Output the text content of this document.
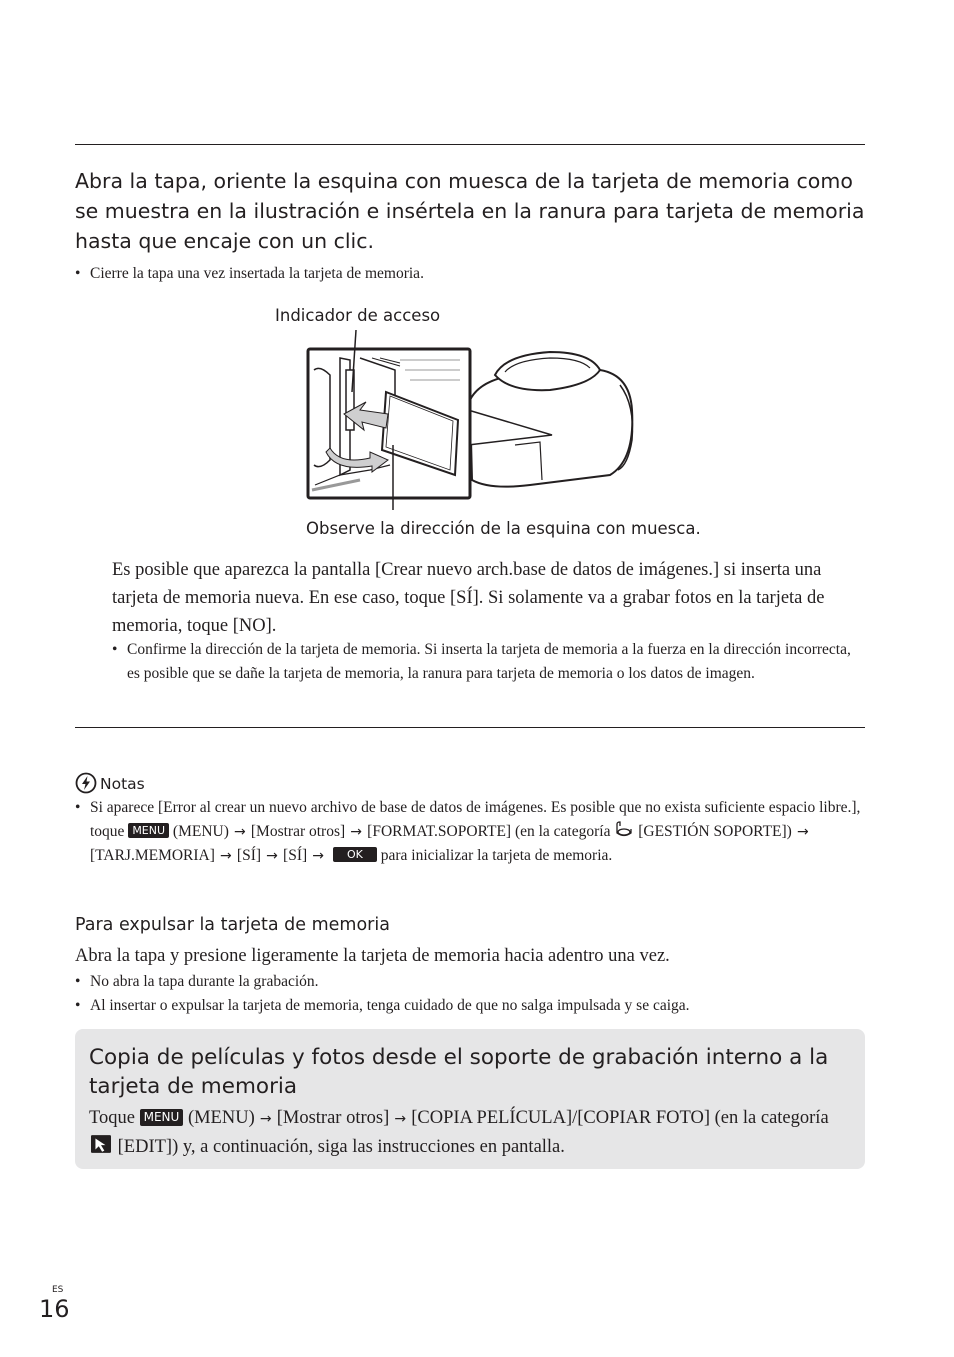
Abra la tapa, oriente la esquina con muesca de la tarjeta de memoria como se muestra en la ilustración e insértela en la ranura para tarjeta de memoria hasta que encaje con un clic.
• Cierre la tapa una vez insertada la tarjeta de memoria.
Indicador de acceso
Observe la dirección de la esquina con muesca.
Es posible que aparezca la pantalla [Crear nuevo arch.base de datos de imágenes.] si inserta una tarjeta de memoria nueva. En ese caso, toque [SÍ]. Si solamente va a grabar fotos en la tarjeta de memoria, toque [NO].
• Confirme la dirección de la tarjeta de memoria. Si inserta la tarjeta de memoria a la fuerza en la dirección incorrecta, es posible que se dañe la tarjeta de memoria, la ranura para tarjeta de memoria o los datos de imagen.
Notas
• Si aparece [Error al crear un nuevo archivo de base de datos de imágenes. Es posible que no exista suficiente espacio libre.], toque MENU (MENU) → [Mostrar otros] → [FORMAT.SOPORTE] (en la categoría [GESTIÓN SOPORTE]) →[TARJ.MEMORIA] → [SÍ] → [SÍ] → OK para inicializar la tarjeta de memoria.
Para expulsar la tarjeta de memoria
Abra la tapa y presione ligeramente la tarjeta de memoria hacia adentro una vez.
• No abra la tapa durante la grabación.
• Al insertar o expulsar la tarjeta de memoria, tenga cuidado de que no salga impulsada y se caiga.
Copia de películas y fotos desde el soporte de grabación interno a la tarjeta de memoria
Toque MENU (MENU) → [Mostrar otros] → [COPIA PELÍCULA]/[COPIAR FOTO] (en la categoría  [EDIT]) y, a continuación, siga las instrucciones en pantalla.
ES
16
